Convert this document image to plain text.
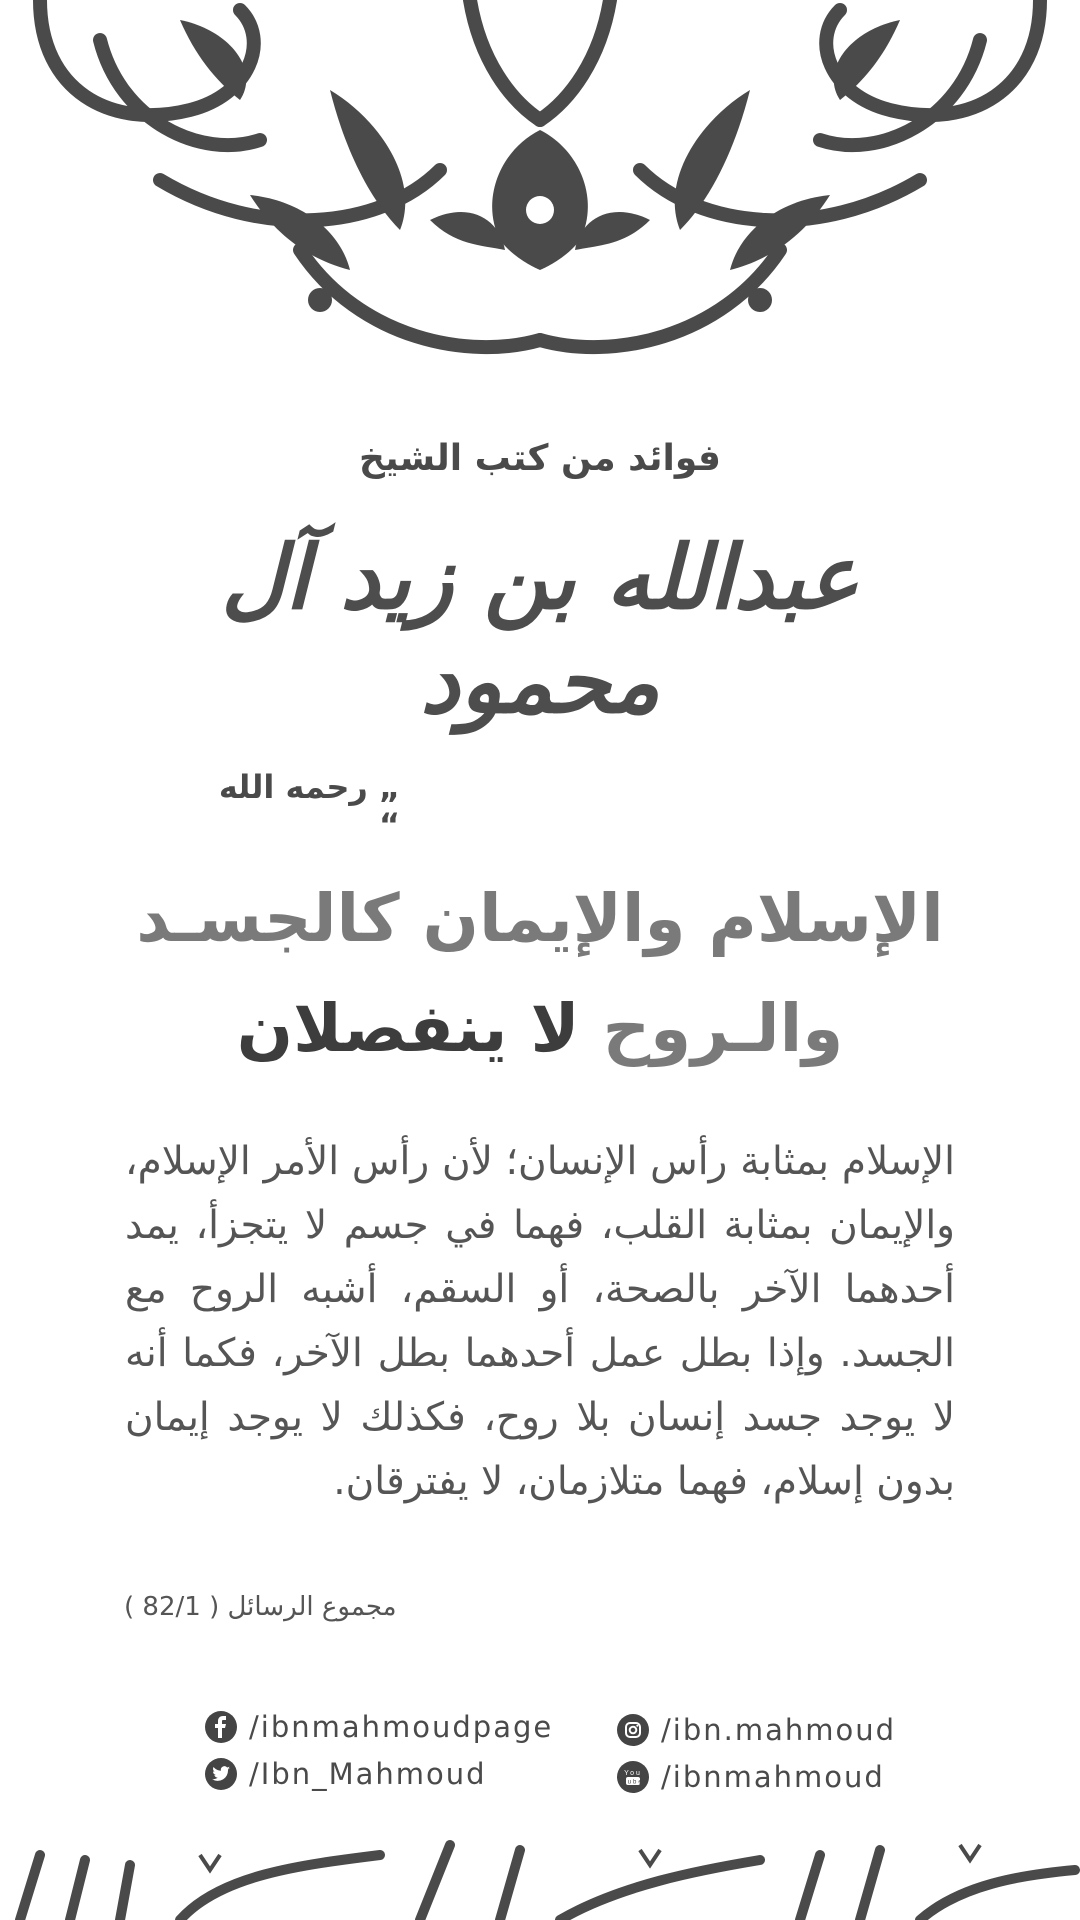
فوائد من كتب الشيخ
عبدالله بن زيد آل محمود
„ رحمه الله “
الإسلام والإيمان كالجسـد
والـروح لا ينفصلان
الإسلام بمثابة رأس الإنسان؛ لأن رأس الأمر الإسلام، والإيمان بمثابة القلب، فهما في جسم لا يتجزأ، يمد أحدهما الآخر بالصحة، أو السقم، أشبه الروح مع الجسد. وإذا بطل عمل أحدهما بطل الآخر، فكما أنه لا يوجد جسد إنسان بلا روح، فكذلك لا يوجد إيمان بدون إسلام، فهما متلازمان، لا يفترقان.
مجموع الرسائل ( 82/1 )
/ibnmahmoudpage
/Ibn_Mahmoud
/ibn.mahmoud
You
Tube /ibnmahmoud
